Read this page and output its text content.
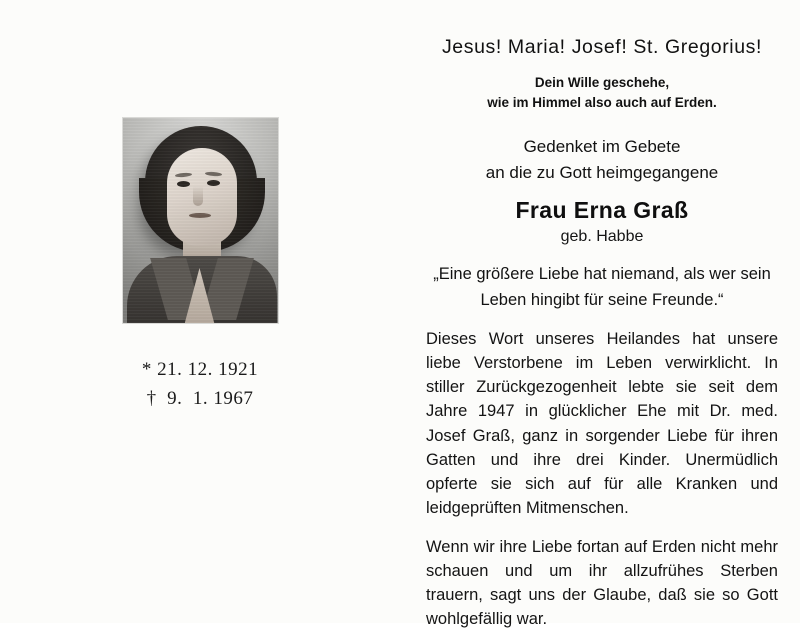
* 21. 12. 1921
†  9.  1. 1967
Jesus! Maria! Josef! St. Gregorius!
Dein Wille geschehe,
wie im Himmel also auch auf Erden.
Gedenket im Gebete
an die zu Gott heimgegangene
Frau Erna Graß
geb. Habbe
„Eine größere Liebe hat niemand, als wer sein Leben hingibt für seine Freunde.“
Dieses Wort unseres Heilandes hat unsere liebe Verstorbene im Leben verwirklicht. In stiller Zurückgezogenheit lebte sie seit dem Jahre 1947 in glücklicher Ehe mit Dr. med. Josef Graß, ganz in sorgender Liebe für ihren Gatten und ihre drei Kinder. Unermüdlich opferte sie sich auf für alle Kranken und leidgeprüften Mitmenschen.
Wenn wir ihre Liebe fortan auf Erden nicht mehr schauen und um ihr allzufrühes Sterben trauern, sagt uns der Glaube, daß sie so Gott wohlgefällig war.
